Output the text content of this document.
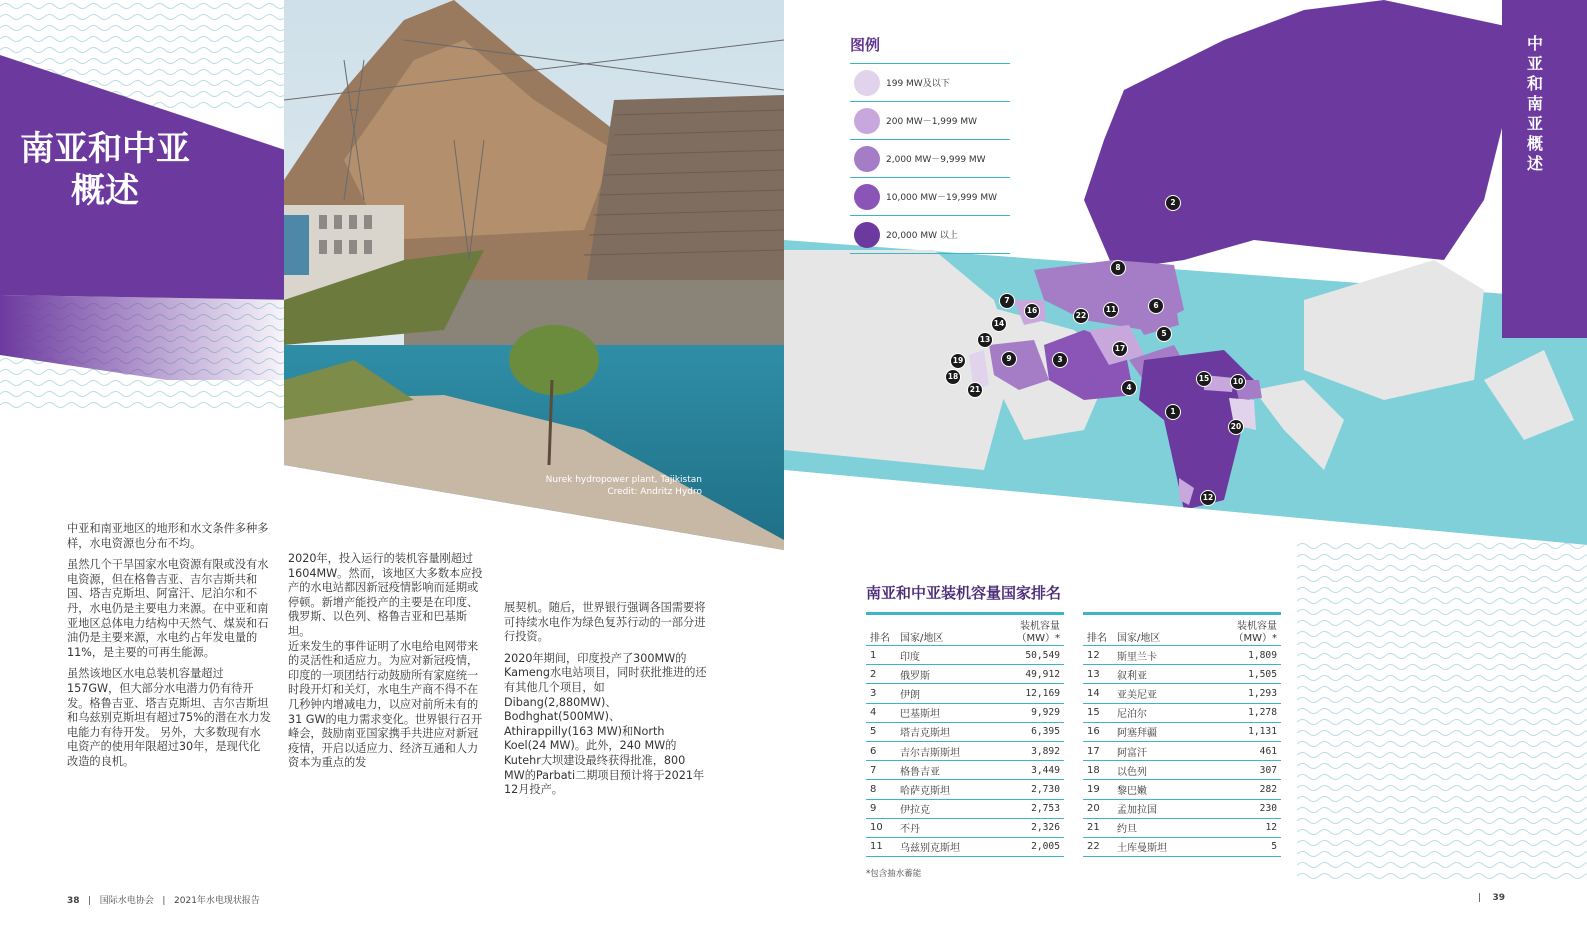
南亚和中亚
概述
Nurek hydropower plant, Tajikistan
Credit: Andritz Hydro

中亚和南亚地区的地形和水文条件多种多样，水电资源也分布不均。

虽然几个干旱国家水电资源有限或没有水电资源，但在格鲁吉亚、吉尔吉斯共和国、塔吉克斯坦、阿富汗、尼泊尔和不丹，水电仍是主要电力来源。在中亚和南亚地区总体电力结构中天然气、煤炭和石油仍是主要来源，水电约占年发电量的11%，是主要的可再生能源。

虽然该地区水电总装机容量超过157GW，但大部分水电潜力仍有待开发。格鲁吉亚、塔吉克斯坦、吉尔吉斯坦和乌兹别克斯坦有超过75%的潜在水力发电能力有待开发。 另外，大多数现有水电资产的使用年限超过30年，是现代化改造的良机。

2020年，投入运行的装机容量刚超过1604MW。然而，该地区大多数本应投产的水电站都因新冠疫情影响而延期或停顿。新增产能投产的主要是在印度、俄罗斯、以色列、格鲁吉亚和巴基斯坦。

近来发生的事件证明了水电给电网带来的灵活性和适应力。为应对新冠疫情，印度的一项团结行动鼓励所有家庭统一时段开灯和关灯，水电生产商不得不在几秒钟内增减电力，以应对前所未有的 31 GW的电力需求变化。世界银行召开峰会，鼓励南亚国家携手共进应对新冠疫情，开启以适应力、经济互通和人力资本为重点的发

展契机。随后，世界银行强调各国需要将可持续水电作为绿色复苏行动的一部分进行投资。

2020年期间，印度投产了300MW的Kameng水电站项目，同时获批推进的还有其他几个项目，如Dibang(2,880MW)、Bodhghat(500MW)、Athirappilly(163 MW)和North Koel(24 MW)。此外，240 MW的Kutehr大坝建设最终获得批准，800 MW的Parbati二期项目预计将于2021年12月投产。

2
8
7
16
22
11	6
5
14
13
17
9	3
19
18
21	4
15	10
1
20
12
图例
199 MW及以下
200 MW－1,999 MW
2,000 MW－9,999 MW
10,000 MW－19,999 MW
20,000 MW 以上
中亚和南亚概述
南亚和中亚装机容量国家排名
排名	国家/地区	装机容量
（MW）*

1	印度	50,549
2	俄罗斯	49,912
3	伊朗	12,169
4	巴基斯坦	9,929
5	塔吉克斯坦	6,395
6	吉尔吉斯斯坦	3,892
7	格鲁吉亚	3,449
8	哈萨克斯坦	2,730
9	伊拉克	2,753
10	不丹	2,326
11	乌兹别克斯坦	2,005
排名	国家/地区	装机容量
（MW）*

12	斯里兰卡	1,809
13	叙利亚	1,505
14	亚美尼亚	1,293
15	尼泊尔	1,278
16	阿塞拜疆	1,131
17	阿富汗	461
18	以色列	307
19	黎巴嫩	282
20	孟加拉国	230
21	约旦	12
22	土库曼斯坦	5
*包含抽水蓄能
38 | 国际水电协会 | 2021年水电现状报告	| 39
